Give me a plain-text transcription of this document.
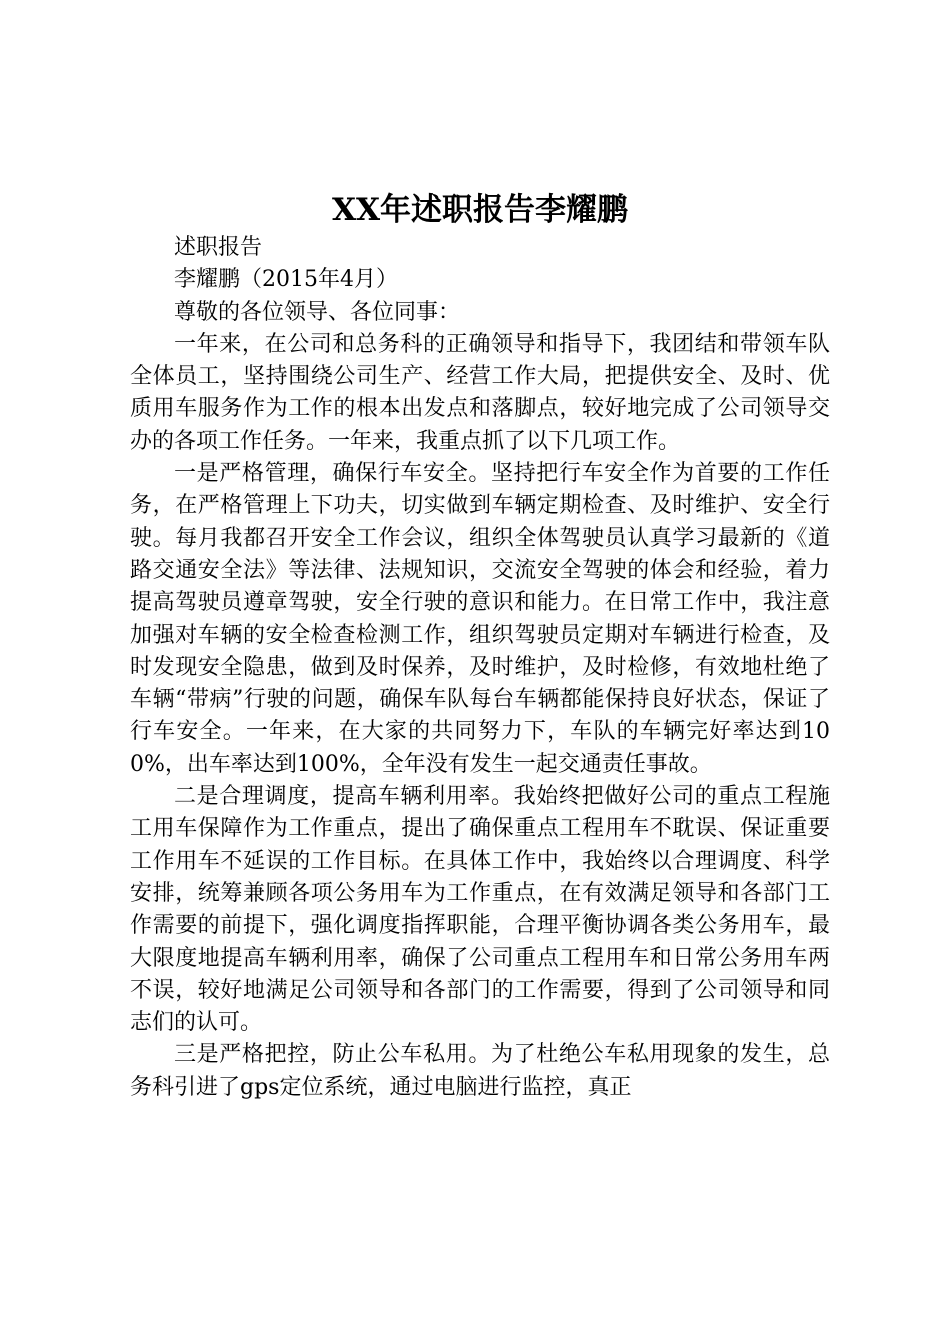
XX年述职报告李耀鹏

述职报告

李耀鹏（2015年4月）

尊敬的各位领导、各位同事：

一年来，在公司和总务科的正确领导和指导下，我团结和带领车队全体员工，坚持围绕公司生产、经营工作大局，把提供安全、及时、优质用车服务作为工作的根本出发点和落脚点，较好地完成了公司领导交办的各项工作任务。一年来，我重点抓了以下几项工作。

一是严格管理，确保行车安全。坚持把行车安全作为首要的工作任务，在严格管理上下功夫，切实做到车辆定期检查、及时维护、安全行驶。每月我都召开安全工作会议，组织全体驾驶员认真学习最新的《道路交通安全法》等法律、法规知识，交流安全驾驶的体会和经验，着力提高驾驶员遵章驾驶，安全行驶的意识和能力。在日常工作中，我注意加强对车辆的安全检查检测工作，组织驾驶员定期对车辆进行检查，及时发现安全隐患，做到及时保养，及时维护，及时检修，有效地杜绝了车辆“带病”行驶的问题，确保车队每台车辆都能保持良好状态，保证了行车安全。一年来，在大家的共同努力下，车队的车辆完好率达到100%，出车率达到100%，全年没有发生一起交通责任事故。

二是合理调度，提高车辆利用率。我始终把做好公司的重点工程施工用车保障作为工作重点，提出了确保重点工程用车不耽误、保证重要工作用车不延误的工作目标。在具体工作中，我始终以合理调度、科学安排，统筹兼顾各项公务用车为工作重点，在有效满足领导和各部门工作需要的前提下，强化调度指挥职能，合理平衡协调各类公务用车，最大限度地提高车辆利用率，确保了公司重点工程用车和日常公务用车两不误，较好地满足公司领导和各部门的工作需要，得到了公司领导和同志们的认可。

三是严格把控，防止公车私用。为了杜绝公车私用现象的发生，总务科引进了gps定位系统，通过电脑进行监控，真正
